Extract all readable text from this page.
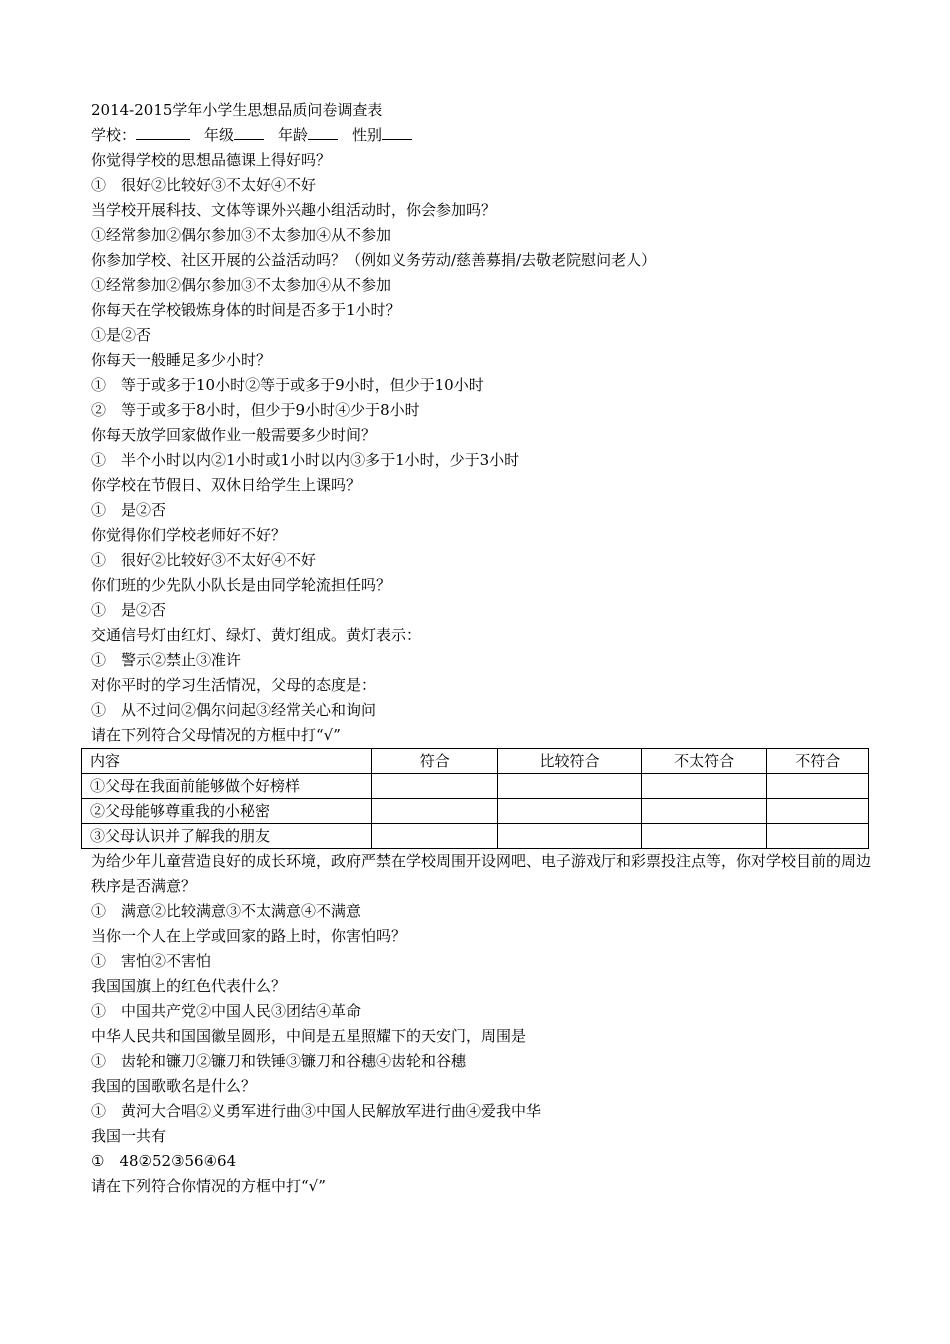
2014-2015学年小学生思想品质问卷调查表
学校：	年级	年龄	性别
你觉得学校的思想品德课上得好吗？
①　很好②比较好③不太好④不好
当学校开展科技、文体等课外兴趣小组活动时，你会参加吗？
①经常参加②偶尔参加③不太参加④从不参加
你参加学校、社区开展的公益活动吗？（例如义务劳动/慈善募捐/去敬老院慰问老人）
①经常参加②偶尔参加③不太参加④从不参加
你每天在学校锻炼身体的时间是否多于1小时？
①是②否
你每天一般睡足多少小时？
①　等于或多于10小时②等于或多于9小时，但少于10小时
②　等于或多于8小时，但少于9小时④少于8小时
你每天放学回家做作业一般需要多少时间？
①　半个小时以内②1小时或1小时以内③多于1小时，少于3小时
你学校在节假日、双休日给学生上课吗？
①　是②否
你觉得你们学校老师好不好？
①　很好②比较好③不太好④不好
你们班的少先队小队长是由同学轮流担任吗？
①　是②否
交通信号灯由红灯、绿灯、黄灯组成。黄灯表示：
①　警示②禁止③准许
对你平时的学习生活情况，父母的态度是：
①　从不过问②偶尔问起③经常关心和询问
请在下列符合父母情况的方框中打“√”
内容	符合	比较符合	不太符合	不符合
①父母在我面前能够做个好榜样				
②父母能够尊重我的小秘密				
③父母认识并了解我的朋友				
为给少年儿童营造良好的成长环境，政府严禁在学校周围开设网吧、电子游戏厅和彩票投注点等，你对学校目前的周边秩序是否满意？
①　满意②比较满意③不太满意④不满意
当你一个人在上学或回家的路上时，你害怕吗？
①　害怕②不害怕
我国国旗上的红色代表什么？
①　中国共产党②中国人民③团结④革命
中华人民共和国国徽呈圆形，中间是五星照耀下的天安门，周围是
①　齿轮和镰刀②镰刀和铁锤③镰刀和谷穗④齿轮和谷穗
我国的国歌歌名是什么？
①　黄河大合唱②义勇军进行曲③中国人民解放军进行曲④爱我中华
我国一共有
①　48②52③56④64
请在下列符合你情况的方框中打“√”
